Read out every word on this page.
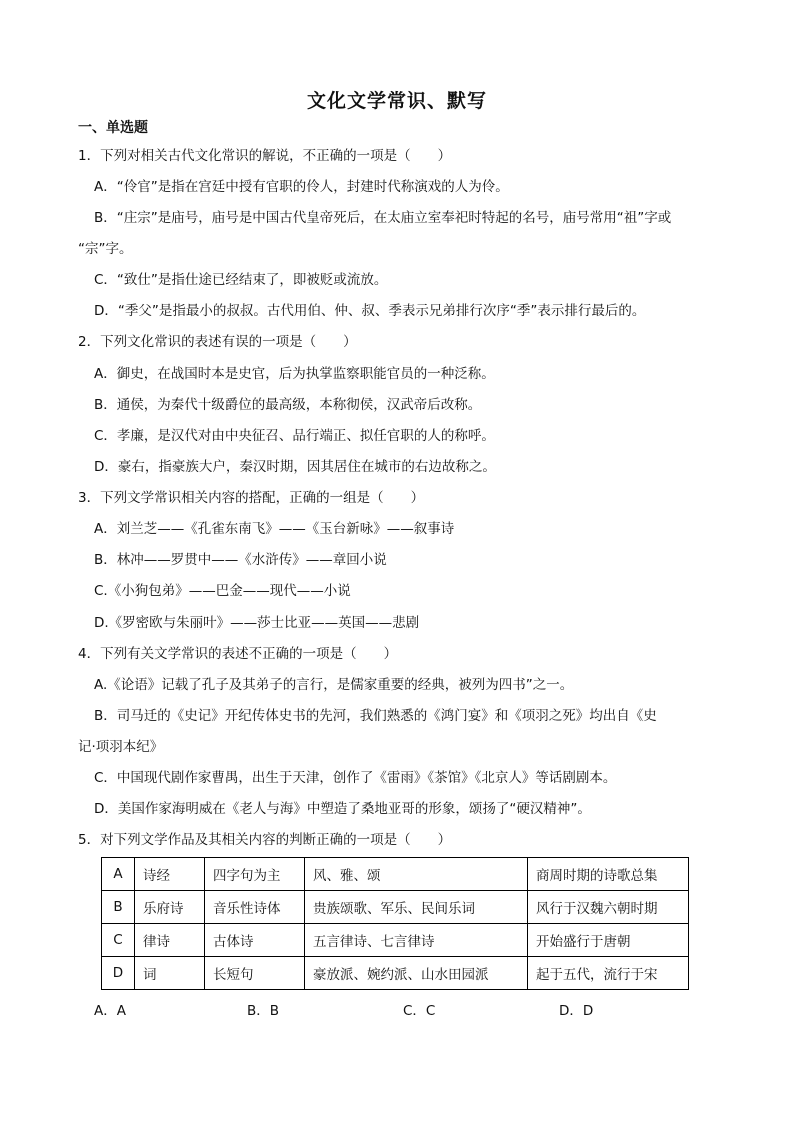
文化文学常识、默写
一、单选题
1．下列对相关古代文化常识的解说，不正确的一项是（　　）
A．“伶官”是指在宫廷中授有官职的伶人，封建时代称演戏的人为伶。
B．“庄宗”是庙号，庙号是中国古代皇帝死后，在太庙立室奉祀时特起的名号，庙号常用“祖”字或
“宗”字。
C．“致仕”是指仕途已经结束了，即被贬或流放。
D．“季父”是指最小的叔叔。古代用伯、仲、叔、季表示兄弟排行次序“季”表示排行最后的。
2．下列文化常识的表述有误的一项是（　　）
A．御史，在战国时本是史官，后为执掌监察职能官员的一种泛称。
B．通侯，为秦代十级爵位的最高级，本称彻侯，汉武帝后改称。
C．孝廉，是汉代对由中央征召、品行端正、拟任官职的人的称呼。
D．豪右，指豪族大户，秦汉时期，因其居住在城市的右边故称之。
3．下列文学常识相关内容的搭配，正确的一组是（　　）
A．刘兰芝——《孔雀东南飞》——《玉台新咏》——叙事诗
B．林冲——罗贯中——《水浒传》——章回小说
C.《小狗包弟》——巴金——现代——小说
D.《罗密欧与朱丽叶》——莎士比亚——英国——悲剧
4．下列有关文学常识的表述不正确的一项是（　　）
A.《论语》记载了孔子及其弟子的言行，是儒家重要的经典，被列为四书”之一。
B．司马迁的《史记》开纪传体史书的先河，我们熟悉的《鸿门宴》和《项羽之死》均出自《史
记·项羽本纪》
C．中国现代剧作家曹禺，出生于天津，创作了《雷雨》《茶馆》《北京人》等话剧剧本。
D．美国作家海明威在《老人与海》中塑造了桑地亚哥的形象，颂扬了“硬汉精神”。
5．对下列文学作品及其相关内容的判断正确的一项是（　　）
A	诗经	四字句为主	风、雅、颂	商周时期的诗歌总集
B	乐府诗	音乐性诗体	贵族颂歌、军乐、民间乐词	风行于汉魏六朝时期
C	律诗	古体诗	五言律诗、七言律诗	开始盛行于唐朝
D	词	长短句	豪放派、婉约派、山水田园派	起于五代，流行于宋
A．A	B．B	C．C	D．D
